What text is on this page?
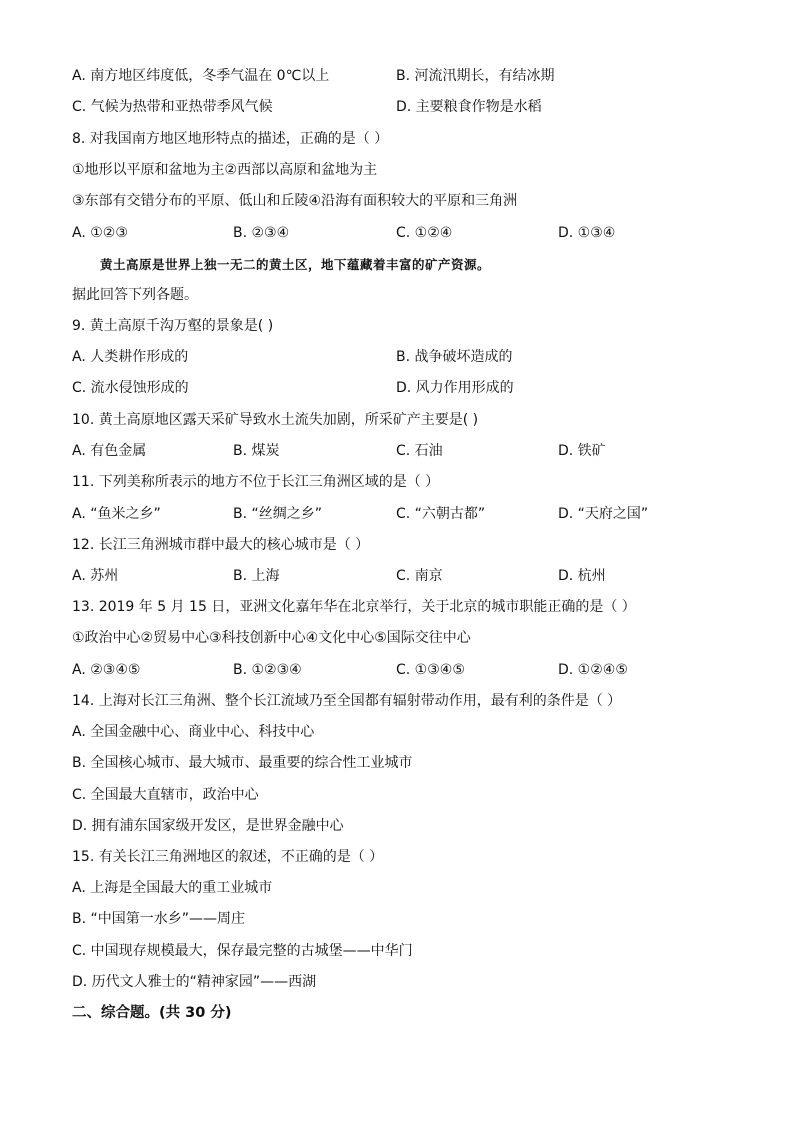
A. 南方地区纬度低，冬季气温在 0℃以上	B. 河流汛期长，有结冰期
C. 气候为热带和亚热带季风气候	D. 主要粮食作物是水稻
8. 对我国南方地区地形特点的描述，正确的是（ ）
①地形以平原和盆地为主②西部以高原和盆地为主
③东部有交错分布的平原、低山和丘陵④沿海有面积较大的平原和三角洲
A. ①②③	B. ②③④	C. ①②④	D. ①③④
黄土高原是世界上独一无二的黄土区，地下蕴藏着丰富的矿产资源。
据此回答下列各题。
9. 黄土高原千沟万壑的景象是( )
A. 人类耕作形成的	B. 战争破坏造成的
C. 流水侵蚀形成的	D. 风力作用形成的
10. 黄土高原地区露天采矿导致水土流失加剧，所采矿产主要是( )
A. 有色金属	B. 煤炭	C. 石油	D. 铁矿
11. 下列美称所表示的地方不位于长江三角洲区域的是（ ）
A. “鱼米之乡”	B. “丝绸之乡”	C. “六朝古都”	D. “天府之国”
12. 长江三角洲城市群中最大的核心城市是（ ）
A. 苏州	B. 上海	C. 南京	D. 杭州
13. 2019 年 5 月 15 日，亚洲文化嘉年华在北京举行，关于北京的城市职能正确的是（ ）
①政治中心②贸易中心③科技创新中心④文化中心⑤国际交往中心
A. ②③④⑤	B. ①②③④	C. ①③④⑤	D. ①②④⑤
14. 上海对长江三角洲、整个长江流域乃至全国都有辐射带动作用，最有利的条件是（ ）
A. 全国金融中心、商业中心、科技中心
B. 全国核心城市、最大城市、最重要的综合性工业城市
C. 全国最大直辖市，政治中心
D. 拥有浦东国家级开发区，是世界金融中心
15. 有关长江三角洲地区的叙述，不正确的是（ ）
A. 上海是全国最大的重工业城市
B. “中国第一水乡”——周庄
C. 中国现存规模最大，保存最完整的古城堡——中华门
D. 历代文人雅士的“精神家园”——西湖
二、综合题。(共 30 分)
